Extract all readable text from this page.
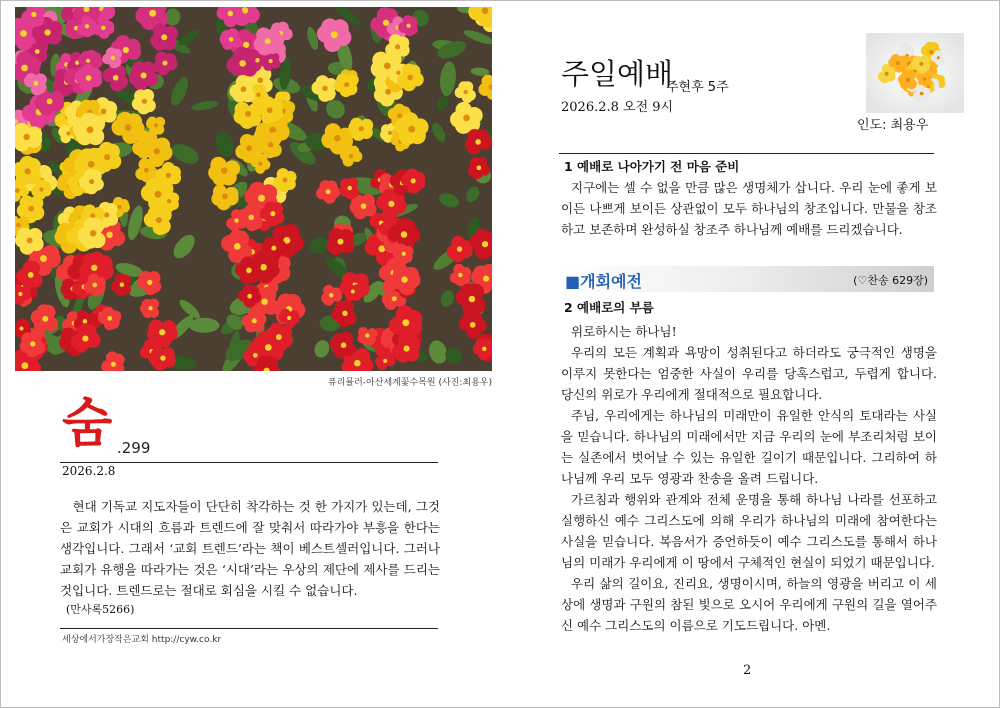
퓨리뮬러-아산세계꽃수목원 (사진:최용우)
숨 .299
2026.2.8
현대 기독교 지도자들이 단단히 착각하는 것 한 가지가 있는데, 그것은 교회가 시대의 흐름과 트렌드에 잘 맞춰서 따라가야 부흥을 한다는 생각입니다. 그래서 ‘교회 트렌드’라는 책이 베스트셀러입니다. 그러나 교회가 유행을 따라가는 것은 ‘시대’라는 우상의 제단에 제사를 드리는 것입니다. 트렌드로는 절대로 회심을 시킬 수 없습니다.
(만사록5266)
세상에서가장작은교회 http://cyw.co.kr
주일예배
주현후 5주
2026.2.8 오전 9시
인도: 최용우
1 예배로 나아가기 전 마음 준비

지구에는 셀 수 없을 만큼 많은 생명체가 삽니다. 우리 눈에 좋게 보이든 나쁘게 보이든 상관없이 모두 하나님의 창조입니다. 만물을 창조하고 보존하며 완성하실 창조주 하나님께 예배를 드리겠습니다.

■개회예전	(♡찬송 629장)
2 예배로의 부름

위로하시는 하나님!

우리의 모든 계획과 욕망이 성취된다고 하더라도 궁극적인 생명을 이루지 못한다는 엄중한 사실이 우리를 당혹스럽고, 두렵게 합니다. 당신의 위로가 우리에게 절대적으로 필요합니다.

주님, 우리에게는 하나님의 미래만이 유일한 안식의 토대라는 사실을 믿습니다. 하나님의 미래에서만 지금 우리의 눈에 부조리처럼 보이는 실존에서 벗어날 수 있는 유일한 길이기 때문입니다. 그리하여 하나님께 우리 모두 영광과 찬송을 올려 드립니다.

가르침과 행위와 관계와 전체 운명을 통해 하나님 나라를 선포하고 실행하신 예수 그리스도에 의해 우리가 하나님의 미래에 참여한다는 사실을 믿습니다. 복음서가 증언하듯이 예수 그리스도를 통해서 하나님의 미래가 우리에게 이 땅에서 구체적인 현실이 되었기 때문입니다.

우리 삶의 길이요, 진리요, 생명이시며, 하늘의 영광을 버리고 이 세상에 생명과 구원의 참된 빛으로 오시어 우리에게 구원의 길을 열어주신 예수 그리스도의 이름으로 기도드립니다. 아멘.

2
